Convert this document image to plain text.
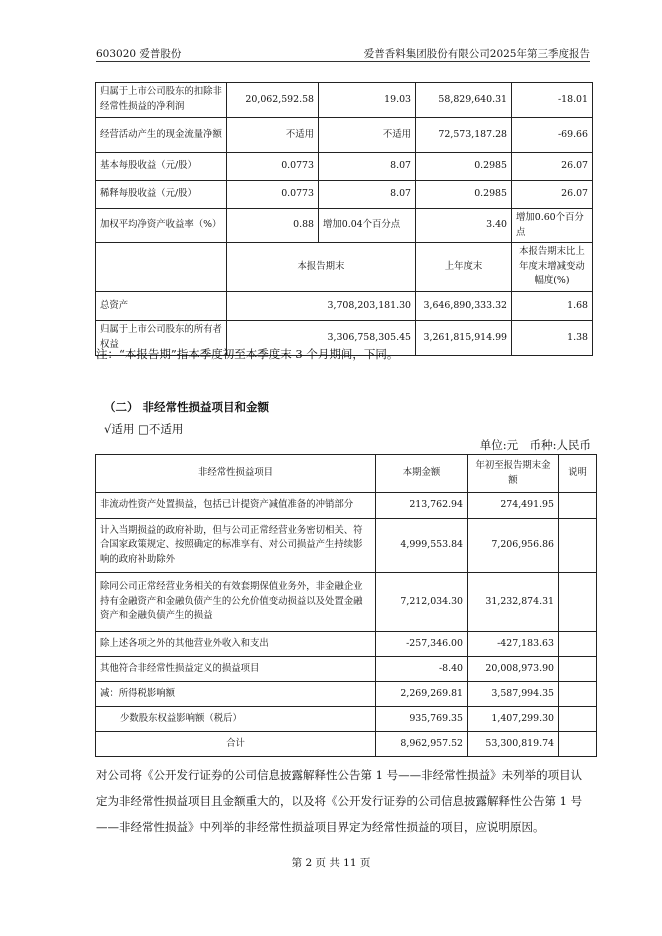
603020 爱普股份	爱普香料集团股份有限公司2025年第三季度报告
归属于上市公司股东的扣除非经常性损益的净利润	20,062,592.58	19.03	58,829,640.31	-18.01
经营活动产生的现金流量净额	不适用	不适用	72,573,187.28	-69.66
基本每股收益（元/股）	0.0773	8.07	0.2985	26.07
稀释每股收益（元/股）	0.0773	8.07	0.2985	26.07
加权平均净资产收益率（%）	0.88	增加0.04个百分点	3.40	增加0.60个百分点
	本报告期末		上年度末	本报告期末比上年度末增减变动幅度(%)
总资产	3,708,203,181.30		3,646,890,333.32	1.68
归属于上市公司股东的所有者权益	3,306,758,305.45		3,261,815,914.99	1.38
注：“本报告期”指本季度初至本季度末 3 个月期间，下同。
（二） 非经常性损益项目和金额
√适用 □不适用
单位:元　币种:人民币
非经常性损益项目	本期金额	年初至报告期末金额	说明
非流动性资产处置损益，包括已计提资产减值准备的冲销部分	213,762.94	274,491.95	
计入当期损益的政府补助，但与公司正常经营业务密切相关、符合国家政策规定、按照确定的标准享有、对公司损益产生持续影响的政府补助除外	4,999,553.84	7,206,956.86	
除同公司正常经营业务相关的有效套期保值业务外，非金融企业持有金融资产和金融负债产生的公允价值变动损益以及处置金融资产和金融负债产生的损益	7,212,034.30	31,232,874.31	
除上述各项之外的其他营业外收入和支出	-257,346.00	-427,183.63	
其他符合非经常性损益定义的损益项目	-8.40	20,008,973.90	
减：所得税影响额	2,269,269.81	3,587,994.35	
少数股东权益影响额（税后）	935,769.35	1,407,299.30	
合计	8,962,957.52	53,300,819.74	
对公司将《公开发行证券的公司信息披露解释性公告第 1 号——非经常性损益》未列举的项目认定为非经常性损益项目且金额重大的，以及将《公开发行证券的公司信息披露解释性公告第 1 号——非经常性损益》中列举的非经常性损益项目界定为经常性损益的项目，应说明原因。
第 2 页 共 11 页
